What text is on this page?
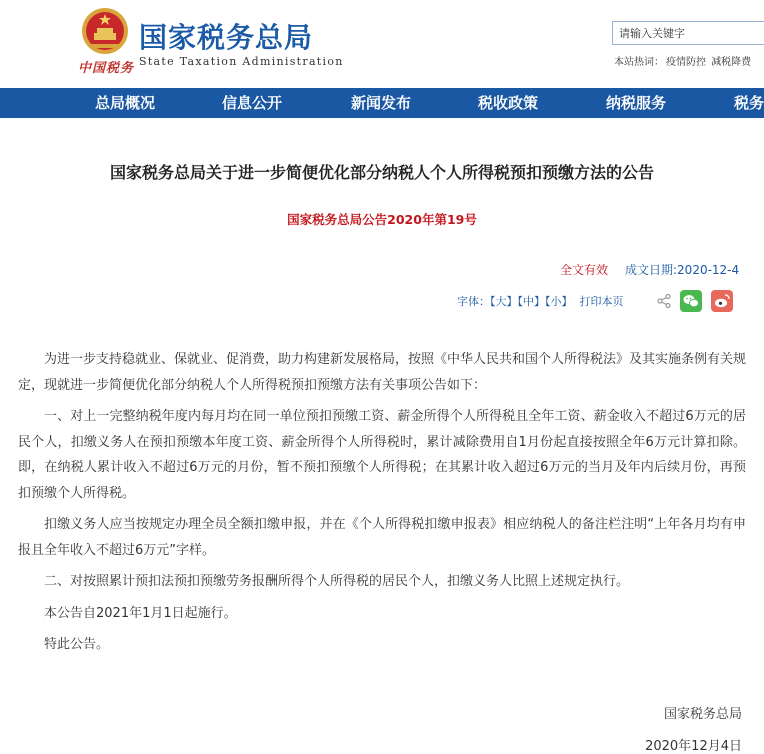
中国税务
国家税务总局
State Taxation Administration
请输入关键字	本站热词： 疫情防控 减税降费
总局概况	信息公开	新闻发布	税收政策	纳税服务	税务
国家税务总局关于进一步简便优化部分纳税人个人所得税预扣预缴方法的公告
国家税务总局公告2020年第19号
全文有效 成文日期:2020-12-4
字体：【大】【中】【小】 打印本页

为进一步支持稳就业、保就业、促消费，助力构建新发展格局，按照《中华人民共和国个人所得税法》及其实施条例有关规定，现就进一步简便优化部分纳税人个人所得税预扣预缴方法有关事项公告如下：

一、对上一完整纳税年度内每月均在同一单位预扣预缴工资、薪金所得个人所得税且全年工资、薪金收入不超过6万元的居民个人，扣缴义务人在预扣预缴本年度工资、薪金所得个人所得税时，累计减除费用自1月份起直接按照全年6万元计算扣除。即，在纳税人累计收入不超过6万元的月份，暂不预扣预缴个人所得税；在其累计收入超过6万元的当月及年内后续月份，再预扣预缴个人所得税。

扣缴义务人应当按规定办理全员全额扣缴申报，并在《个人所得税扣缴申报表》相应纳税人的备注栏注明“上年各月均有申报且全年收入不超过6万元”字样。

二、对按照累计预扣法预扣预缴劳务报酬所得个人所得税的居民个人，扣缴义务人比照上述规定执行。

本公告自2021年1月1日起施行。

特此公告。

国家税务总局
2020年12月4日
